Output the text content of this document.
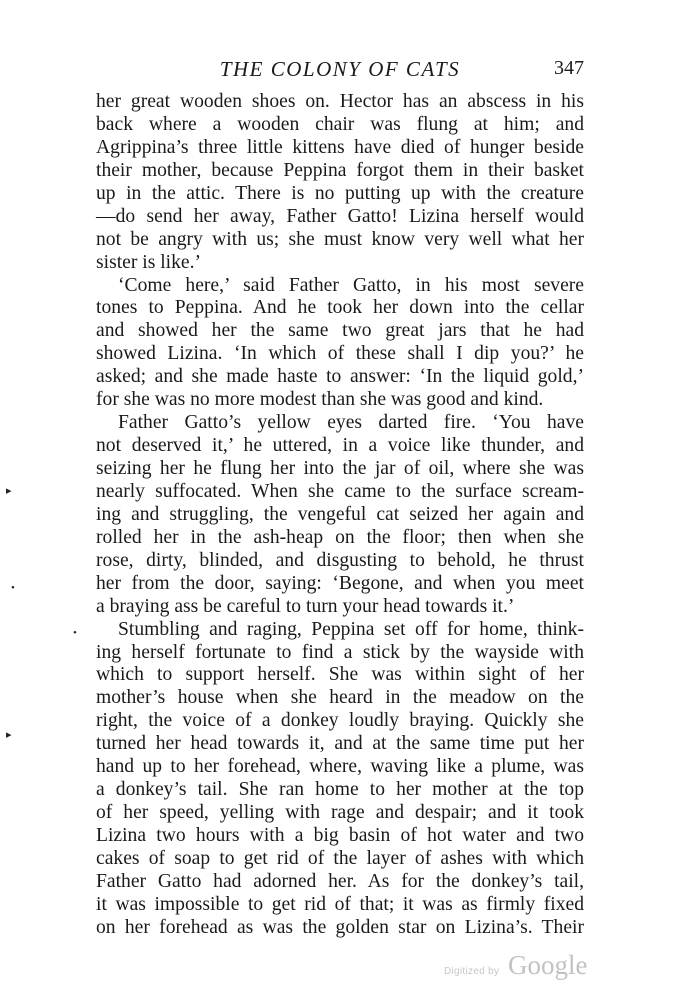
THE COLONY OF CATS	347
her great wooden shoes on. Hector has an abscess in his
back where a wooden chair was flung at him; and
Agrippina’s three little kittens have died of hunger beside
their mother, because Peppina forgot them in their basket
up in the attic. There is no putting up with the creature
—do send her away, Father Gatto! Lizina herself would
not be angry with us; she must know very well what her
sister is like.’
‘Come here,’ said Father Gatto, in his most severe
tones to Peppina. And he took her down into the cellar
and showed her the same two great jars that he had
showed Lizina. ‘In which of these shall I dip you?’ he
asked; and she made haste to answer: ‘In the liquid gold,’
for she was no more modest than she was good and kind.
Father Gatto’s yellow eyes darted fire. ‘You have
not deserved it,’ he uttered, in a voice like thunder, and
seizing her he flung her into the jar of oil, where she was
nearly suffocated. When she came to the surface scream-
ing and struggling, the vengeful cat seized her again and
rolled her in the ash-heap on the floor; then when she
rose, dirty, blinded, and disgusting to behold, he thrust
her from the door, saying: ‘Begone, and when you meet
a braying ass be careful to turn your head towards it.’
Stumbling and raging, Peppina set off for home, think-
ing herself fortunate to find a stick by the wayside with
which to support herself. She was within sight of her
mother’s house when she heard in the meadow on the
right, the voice of a donkey loudly braying. Quickly she
turned her head towards it, and at the same time put her
hand up to her forehead, where, waving like a plume, was
a donkey’s tail. She ran home to her mother at the top
of her speed, yelling with rage and despair; and it took
Lizina two hours with a big basin of hot water and two
cakes of soap to get rid of the layer of ashes with which
Father Gatto had adorned her. As for the donkey’s tail,
it was impossible to get rid of that; it was as firmly fixed
on her forehead as was the golden star on Lizina’s. Their
▸
•
•
▸
Digitized by Google
